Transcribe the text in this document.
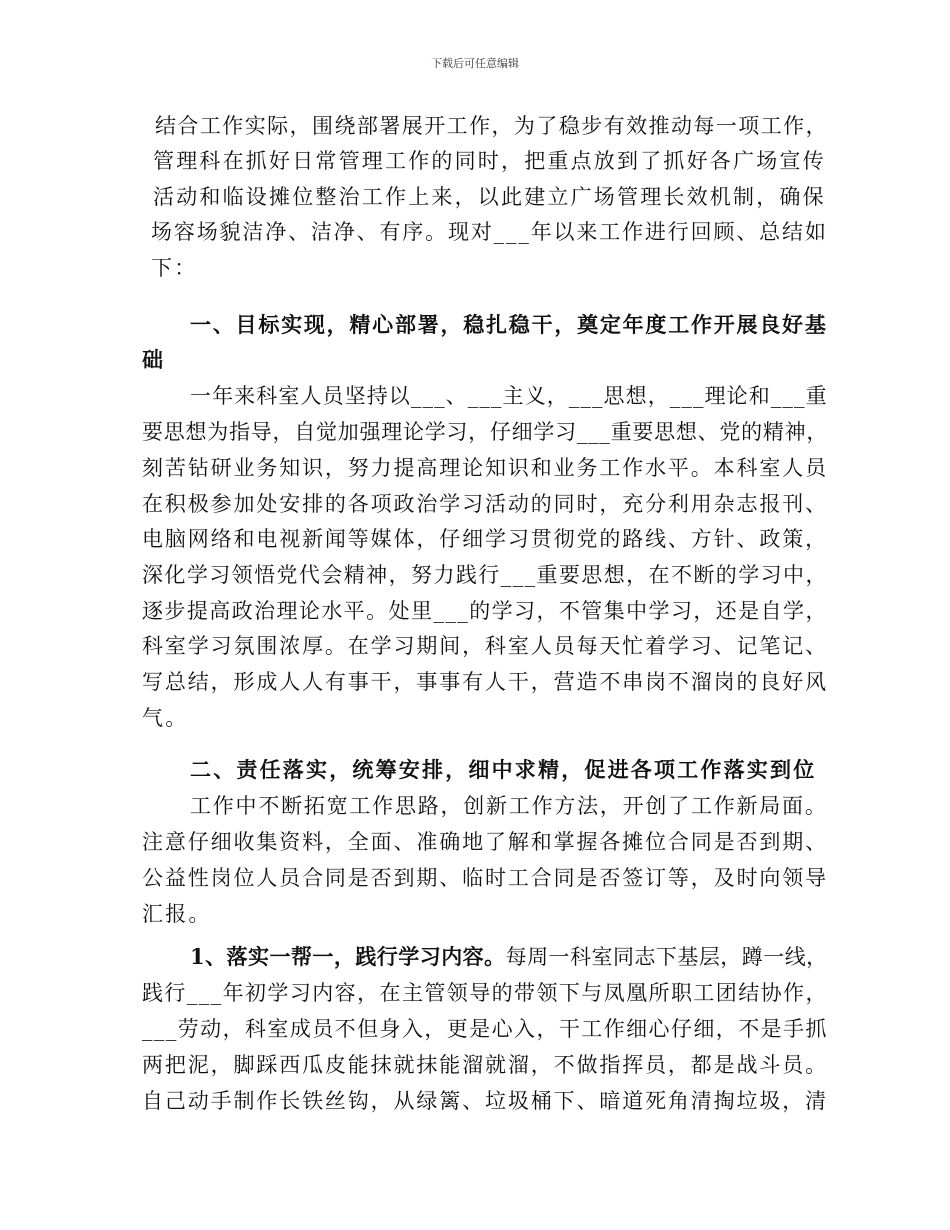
下载后可任意编辑
结合工作实际，围绕部署展开工作，为了稳步有效推动每一项工作，
管理科在抓好日常管理工作的同时，把重点放到了抓好各广场宣传
活动和临设摊位整治工作上来，以此建立广场管理长效机制，确保
场容场貌洁净、洁净、有序。现对___年以来工作进行回顾、总结如
下：
一、目标实现，精心部署，稳扎稳干，奠定年度工作开展良好基
础
一年来科室人员坚持以___、___主义，___思想，___理论和___重
要思想为指导，自觉加强理论学习，仔细学习___重要思想、党的精神，
刻苦钻研业务知识，努力提高理论知识和业务工作水平。本科室人员
在积极参加处安排的各项政治学习活动的同时，充分利用杂志报刊、
电脑网络和电视新闻等媒体，仔细学习贯彻党的路线、方针、政策，
深化学习领悟党代会精神，努力践行___重要思想，在不断的学习中，
逐步提高政治理论水平。处里___的学习，不管集中学习，还是自学，
科室学习氛围浓厚。在学习期间，科室人员每天忙着学习、记笔记、
写总结，形成人人有事干，事事有人干，营造不串岗不溜岗的良好风
气。
二、责任落实，统筹安排，细中求精，促进各项工作落实到位
工作中不断拓宽工作思路，创新工作方法，开创了工作新局面。
注意仔细收集资料，全面、准确地了解和掌握各摊位合同是否到期、
公益性岗位人员合同是否到期、临时工合同是否签订等，及时向领导
汇报。
1、落实一帮一，践行学习内容。每周一科室同志下基层，蹲一线，
践行___年初学习内容，在主管领导的带领下与凤凰所职工团结协作，
___劳动，科室成员不但身入，更是心入，干工作细心仔细，不是手抓
两把泥，脚踩西瓜皮能抹就抹能溜就溜，不做指挥员，都是战斗员。
自己动手制作长铁丝钩，从绿篱、垃圾桶下、暗道死角清掏垃圾，清
